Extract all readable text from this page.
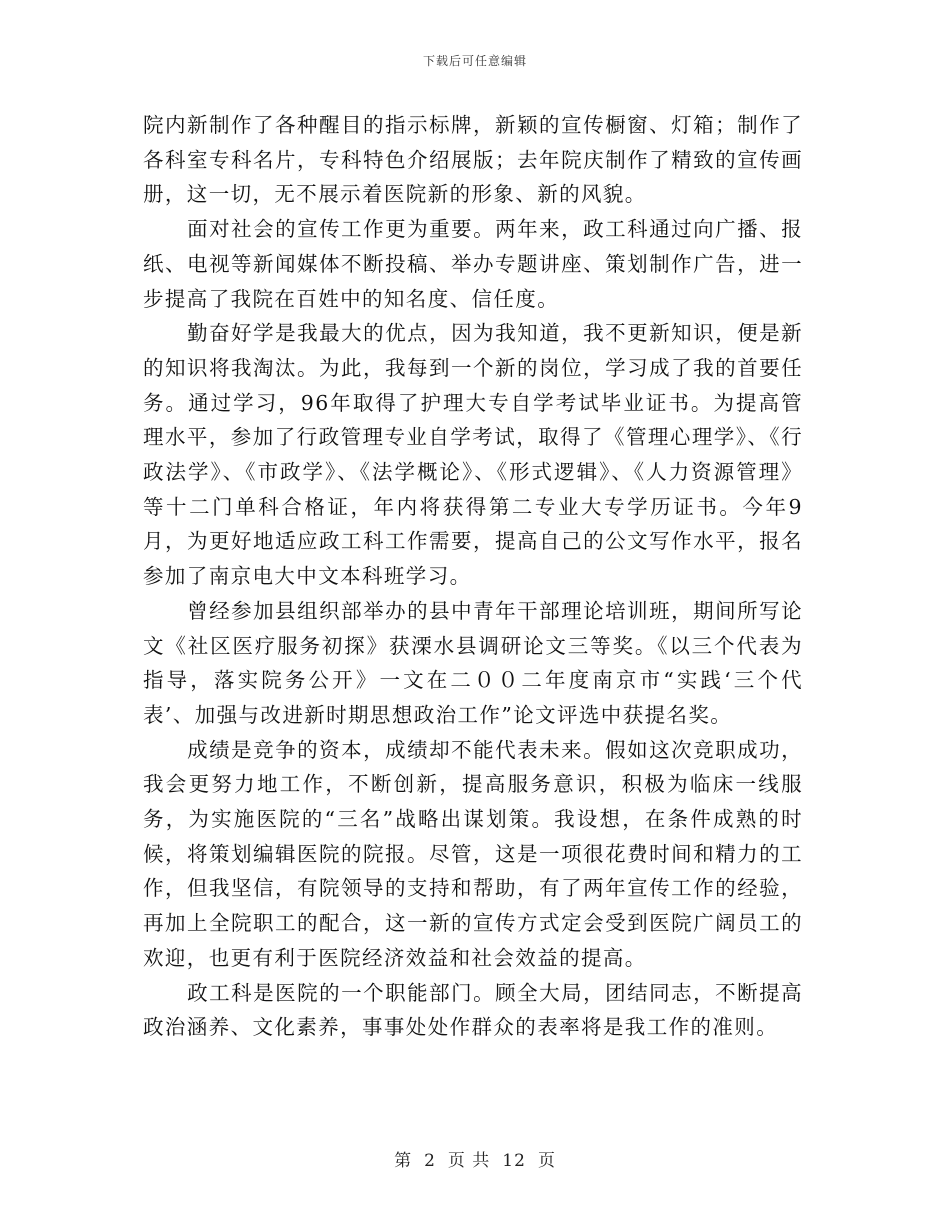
下载后可任意编辑

院内新制作了各种醒目的指示标牌，新颖的宣传橱窗、灯箱；制作了各科室专科名片，专科特色介绍展版；去年院庆制作了精致的宣传画册，这一切，无不展示着医院新的形象、新的风貌。

面对社会的宣传工作更为重要。两年来，政工科通过向广播、报纸、电视等新闻媒体不断投稿、举办专题讲座、策划制作广告，进一步提高了我院在百姓中的知名度、信任度。

勤奋好学是我最大的优点，因为我知道，我不更新知识，便是新的知识将我淘汰。为此，我每到一个新的岗位，学习成了我的首要任务。通过学习，96年取得了护理大专自学考试毕业证书。为提高管理水平，参加了行政管理专业自学考试，取得了《管理心理学》、《行政法学》、《市政学》、《法学概论》、《形式逻辑》、《人力资源管理》等十二门单科合格证，年内将获得第二专业大专学历证书。今年9月，为更好地适应政工科工作需要，提高自己的公文写作水平，报名参加了南京电大中文本科班学习。

曾经参加县组织部举办的县中青年干部理论培训班，期间所写论文《社区医疗服务初探》获溧水县调研论文三等奖。《以三个代表为指导，落实院务公开》一文在二００二年度南京市“实践‘三个代表’、加强与改进新时期思想政治工作”论文评选中获提名奖。

成绩是竞争的资本，成绩却不能代表未来。假如这次竞职成功，我会更努力地工作，不断创新，提高服务意识，积极为临床一线服务，为实施医院的“三名”战略出谋划策。我设想，在条件成熟的时候，将策划编辑医院的院报。尽管，这是一项很花费时间和精力的工作，但我坚信，有院领导的支持和帮助，有了两年宣传工作的经验，再加上全院职工的配合，这一新的宣传方式定会受到医院广阔员工的欢迎，也更有利于医院经济效益和社会效益的提高。

政工科是医院的一个职能部门。顾全大局，团结同志，不断提高政治涵养、文化素养，事事处处作群众的表率将是我工作的准则。

第 2 页 共 12 页
